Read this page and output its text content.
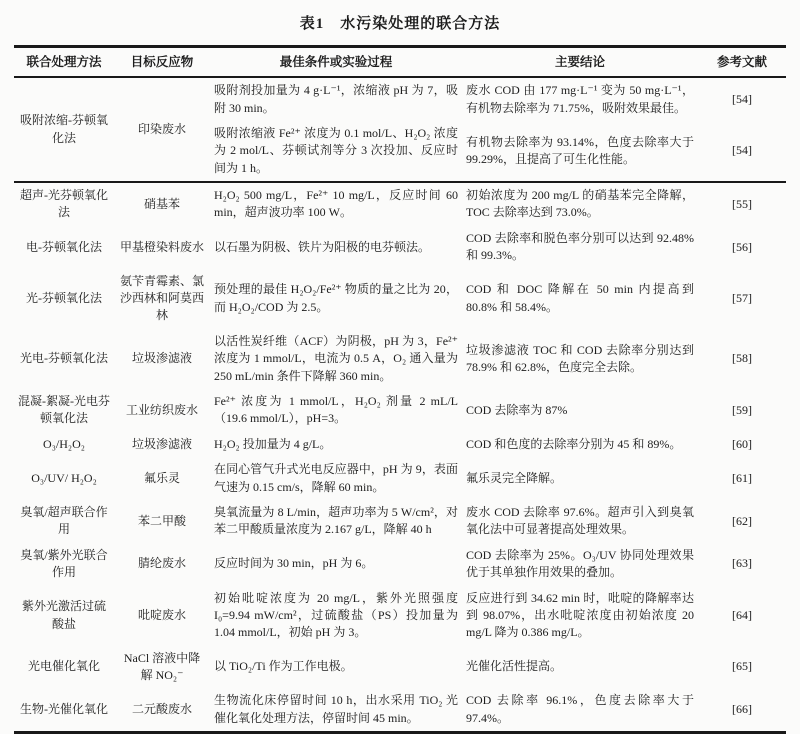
表1　水污染处理的联合方法
联合处理方法	目标反应物	最佳条件或实验过程	主要结论	参考文献
吸附浓缩-芬顿氧化法	印染废水	吸附剂投加量为 4 g·L⁻¹，浓缩液 pH 为 7，吸附 30 min。	废水 COD 由 177 mg·L⁻¹ 变为 50 mg·L⁻¹，有机物去除率为 71.75%，吸附效果最佳。	[54]
		吸附浓缩液 Fe²⁺ 浓度为 0.1 mol/L、H₂O₂ 浓度为 2 mol/L、芬顿试剂等分 3 次投加、反应时间为 1 h。	有机物去除率为 93.14%，色度去除率大于 99.29%，且提高了可生化性能。	[54]
超声-光芬顿氧化法	硝基苯	H₂O₂ 500 mg/L，Fe²⁺ 10 mg/L，反应时间 60 min，超声波功率 100 W。	初始浓度为 200 mg/L 的硝基苯完全降解，TOC 去除率达到 73.0%。	[55]
电-芬顿氧化法	甲基橙染料废水	以石墨为阴极、铁片为阳极的电芬顿法。	COD 去除率和脱色率分别可以达到 92.48% 和 99.3%。	[56]
光-芬顿氧化法	氨苄青霉素、氯沙西林和阿莫西林	预处理的最佳 H₂O₂/Fe²⁺ 物质的量之比为 20，而 H₂O₂/COD 为 2.5。	COD 和 DOC 降解在 50 min 内提高到 80.8% 和 58.4%。	[57]
光电-芬顿氧化法	垃圾渗滤液	以活性炭纤维（ACF）为阴极，pH 为 3，Fe²⁺ 浓度为 1 mmol/L，电流为 0.5 A，O₂ 通入量为 250 mL/min 条件下降解 360 min。	垃圾渗滤液 TOC 和 COD 去除率分别达到 78.9% 和 62.8%，色度完全去除。	[58]
混凝-絮凝-光电芬顿氧化法	工业纺织废水	Fe²⁺ 浓度为 1 mmol/L，H₂O₂ 剂量 2 mL/L（19.6 mmol/L），pH=3。	COD 去除率为 87%	[59]
O₃/H₂O₂	垃圾渗滤液	H₂O₂ 投加量为 4 g/L。	COD 和色度的去除率分别为 45 和 89%。	[60]
O₃/UV/ H₂O₂	氟乐灵	在同心管气升式光电反应器中，pH 为 9，表面气速为 0.15 cm/s，降解 60 min。	氟乐灵完全降解。	[61]
臭氧/超声联合作用	苯二甲酸	臭氧流量为 8 L/min，超声功率为 5 W/cm²，对苯二甲酸质量浓度为 2.167 g/L，降解 40 h	废水 COD 去除率 97.6%。超声引入到臭氧氧化法中可显著提高处理效果。	[62]
臭氧/紫外光联合作用	腈纶废水	反应时间为 30 min，pH 为 6。	COD 去除率为 25%。O₃/UV 协同处理效果优于其单独作用效果的叠加。	[63]
紫外光激活过硫酸盐	吡啶废水	初始吡啶浓度为 20 mg/L，紫外光照强度 I₀=9.94 mW/cm²，过硫酸盐（PS）投加量为 1.04 mmol/L，初始 pH 为 3。	反应进行到 34.62 min 时，吡啶的降解率达到 98.07%，出水吡啶浓度由初始浓度 20 mg/L 降为 0.386 mg/L。	[64]
光电催化氧化	NaCl 溶液中降解 NO₂⁻	以 TiO₂/Ti 作为工作电极。	光催化活性提高。	[65]
生物-光催化氧化	二元酸废水	生物流化床停留时间 10 h，出水采用 TiO₂ 光催化氧化处理方法，停留时间 45 min。	COD 去除率 96.1%，色度去除率大于 97.4%。	[66]
